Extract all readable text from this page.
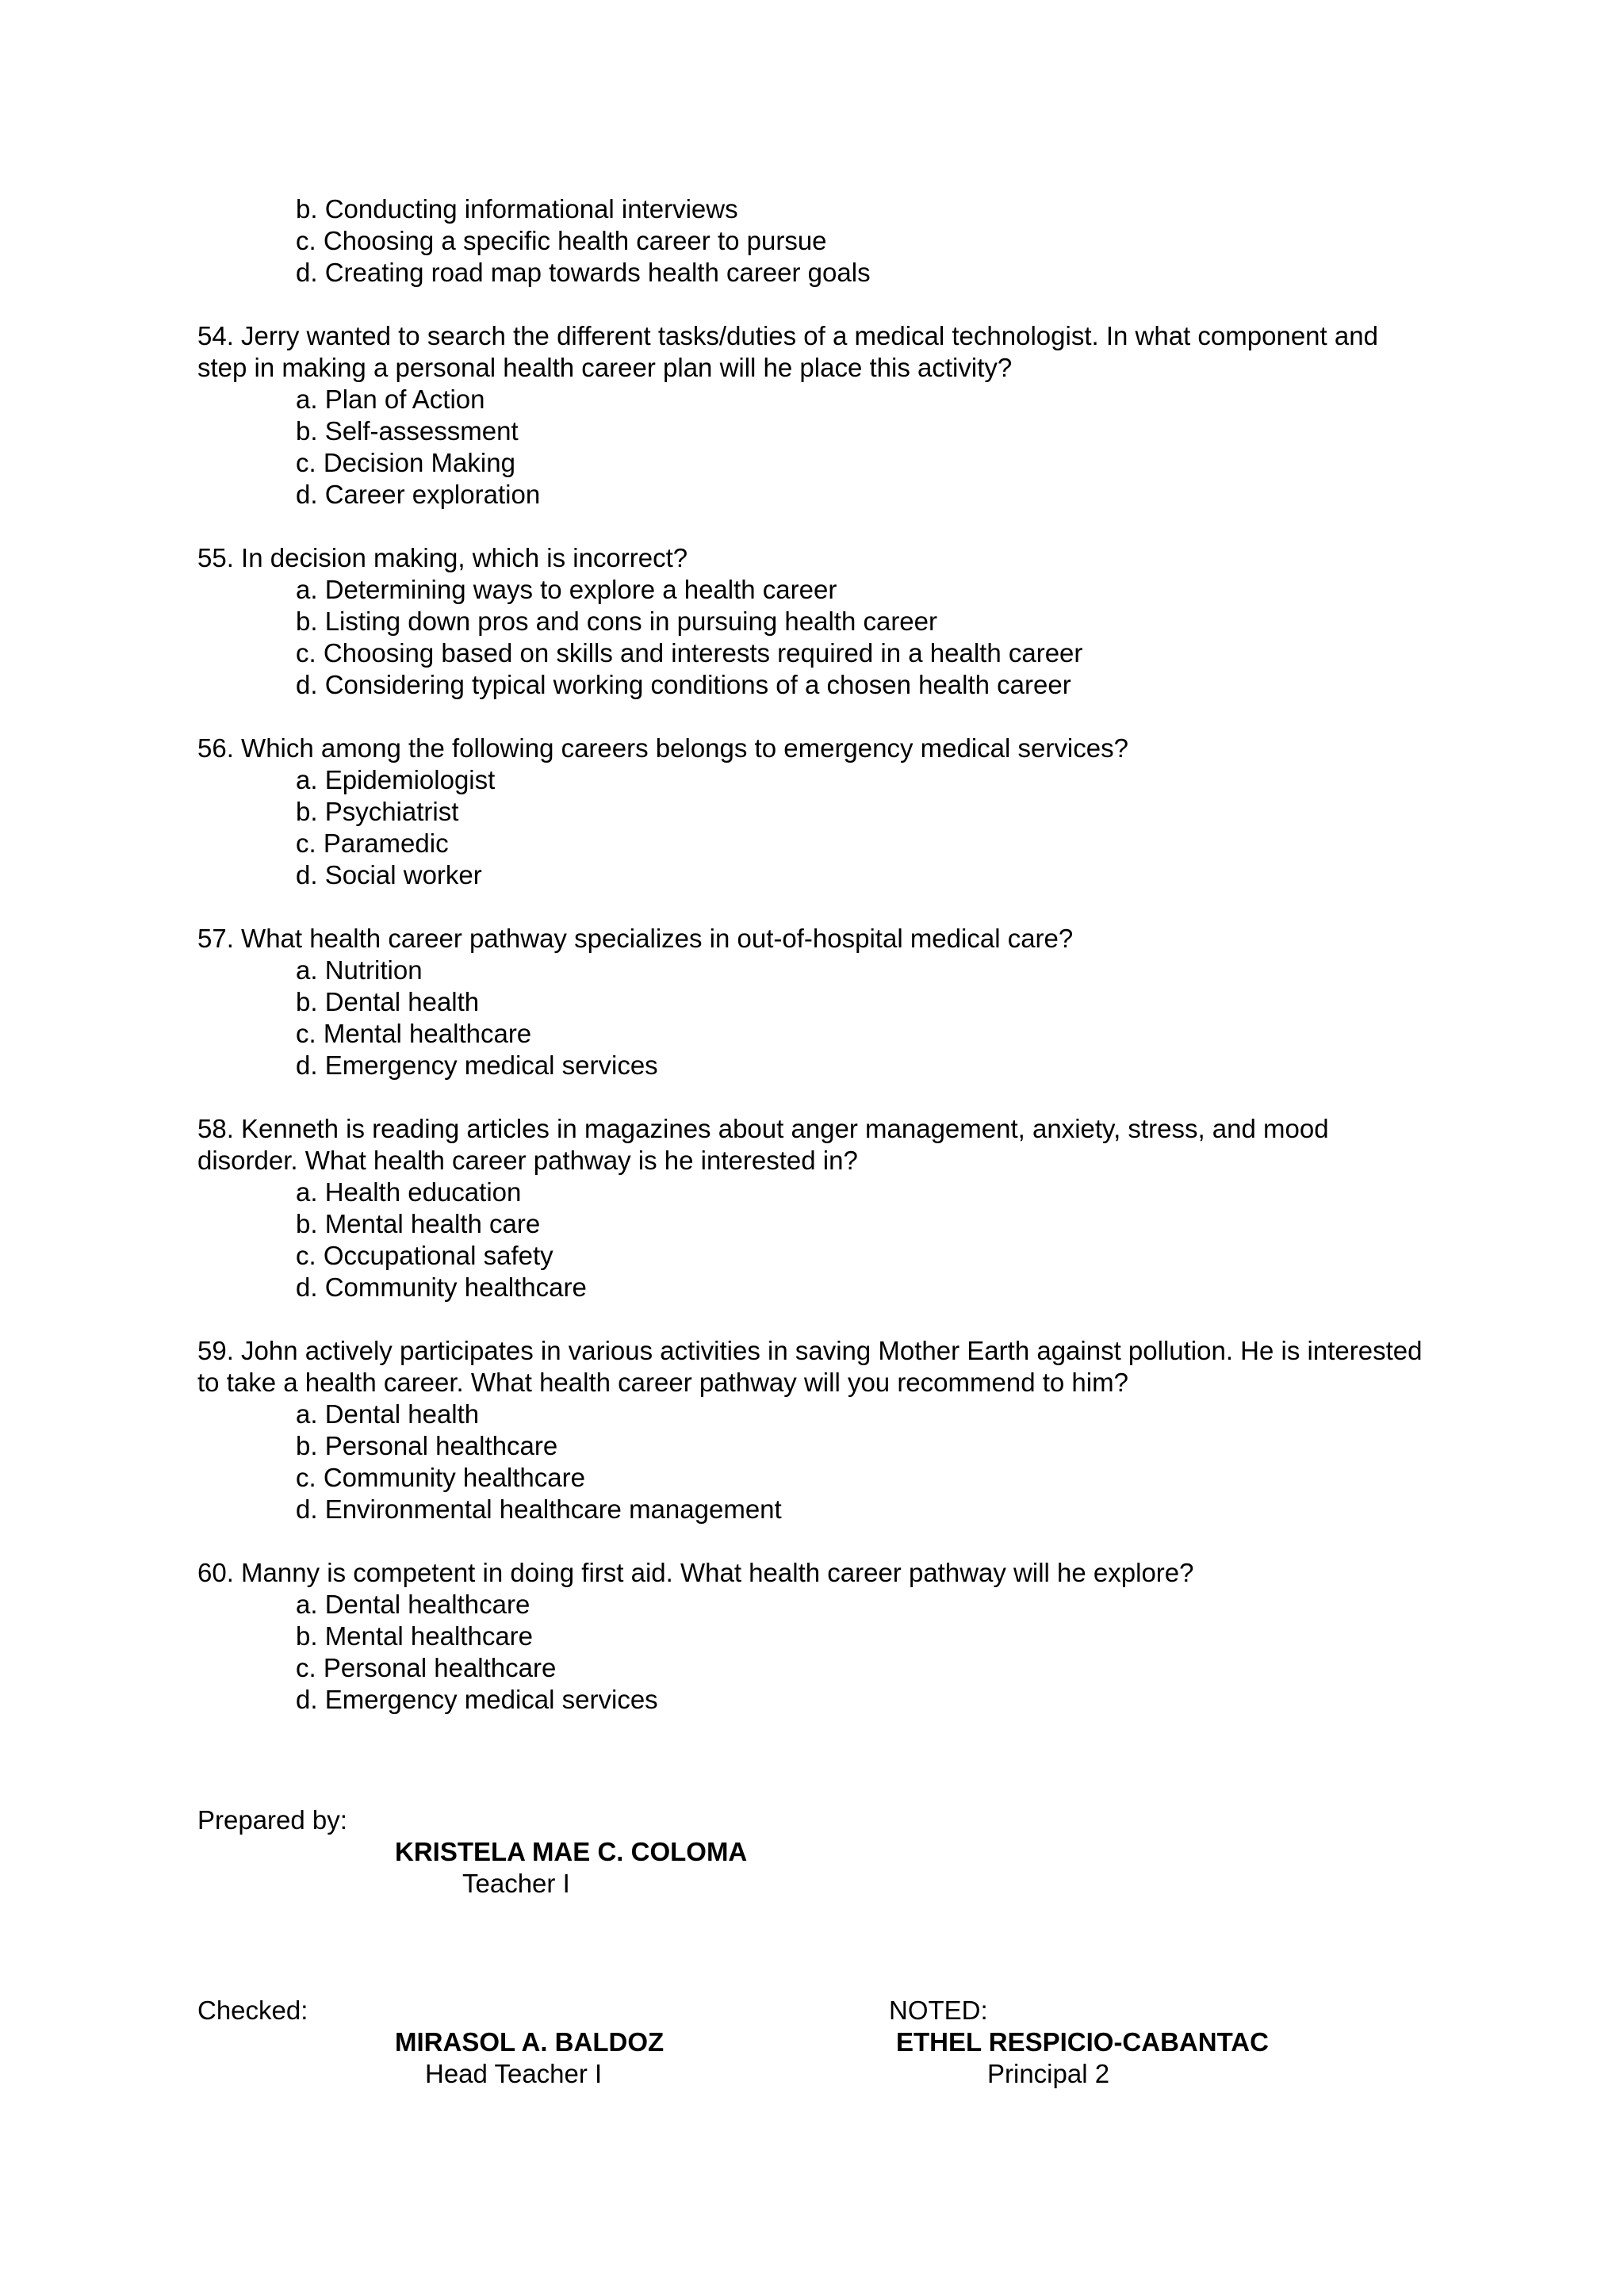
b. Conducting informational interviews
c. Choosing a specific health career to pursue
d. Creating road map towards health career goals

54. Jerry wanted to search the different tasks/duties of a medical technologist. In what component and step in making a personal health career plan will he place this activity?

a. Plan of Action
b. Self-assessment
c. Decision Making
d. Career exploration

55. In decision making, which is incorrect?

a. Determining ways to explore a health career
b. Listing down pros and cons in pursuing health career
c. Choosing based on skills and interests required in a health career
d. Considering typical working conditions of a chosen health career

56. Which among the following careers belongs to emergency medical services?

a. Epidemiologist
b. Psychiatrist
c. Paramedic
d. Social worker

57. What health career pathway specializes in out-of-hospital medical care?

a. Nutrition
b. Dental health
c. Mental healthcare
d. Emergency medical services

58. Kenneth is reading articles in magazines about anger management, anxiety, stress, and mood disorder. What health career pathway is he interested in?

a. Health education
b. Mental health care
c. Occupational safety
d. Community healthcare

59. John actively participates in various activities in saving Mother Earth against pollution. He is interested to take a health career. What health career pathway will you recommend to him?

a. Dental health
b. Personal healthcare
c. Community healthcare
d. Environmental healthcare management

60. Manny is competent in doing first aid. What health career pathway will he explore?

a. Dental healthcare
b. Mental healthcare
c. Personal healthcare
d. Emergency medical services
Prepared by:
KRISTELA MAE C. COLOMA
Teacher I
Checked:
MIRASOL A. BALDOZ
Head Teacher I
NOTED:
ETHEL RESPICIO-CABANTAC
Principal 2
